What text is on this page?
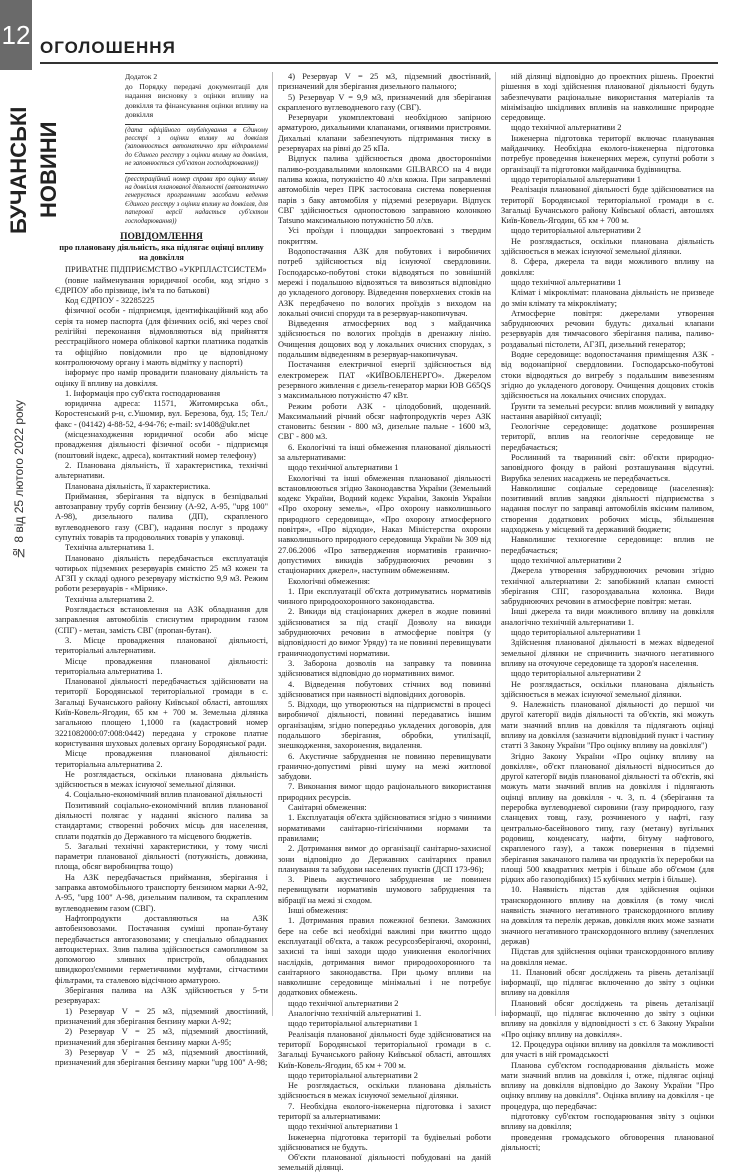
12 ОГОЛОШЕННЯ
БУЧАНСЬКІ НОВИНИ
№ 8 від 25 лютого 2022 року
Додаток 2
до Порядку передачі документації для надання висновку з оцінки впливу на довкілля та фінансування оцінки впливу на довкілля
(дата офіційного опублікування в Єдиному реєстрі з оцінки впливу на довкілля (заповнюється автоматично при відправленні до Єдиного реєстру з оцінки впливу на довкілля, не заповнюється суб'єктом господарювання))
(реєстраційний номер справи про оцінку впливу на довкілля планованої діяльності (автоматично генерується програмними засобами ведення Єдиного реєстру з оцінки впливу на довкілля, для паперової версії надається суб'єктом господарювання))
ПОВІДОМЛЕННЯ
про плановану діяльність, яка підлягає оцінці впливу на довкілля

ПРИВАТНЕ ПІДПРИЄМСТВО «УКРПЛАСТСИСТЕМ»

(повне найменування юридичної особи, код згідно з ЄДРПОУ або прізвище, ім'я та по батькові)

Код ЄДРПОУ - 32285225

фізичної особи - підприємця, ідентифікаційний код або серія та номер паспорта (для фізичних осіб, які через свої релігійні переконання відмовляються від прийняття реєстраційного номера облікової картки платника податків та офіційно повідомили про це відповідному контролюючому органу і мають відмітку у паспорті)

інформує про намір провадити плановану діяльність та оцінку її впливу на довкілля.

1. Інформація про суб'єкта господарювання

юридична адреса: 11571, Житомирська обл., Коростенський р-н, с.Ушомир, вул. Березова, буд. 15; Тел./факс - (04142) 4-88-52, 4-94-76; e-mail: sv1408@ukr.net

(місцезнаходження юридичної особи або місце провадження діяльності фізичної особи - підприємця (поштовий індекс, адреса), контактний номер телефону)

2. Планована діяльність, її характеристика, технічні альтернативи.

Планована діяльність, її характеристика.

Приймання, зберігання та відпуск в безпідвальні автозаправну трубу сортів бензину (А-92, А-95, "upg 100" А-98), дизельного палива (ДП), скрапленого вуглеводневого газу (СВГ), надання послуг з продажу супутніх товарів та продовольчих товарів у упаковці.

Технічна альтернатива 1.

Плановано діяльність передбачається експлуатація чотирьох підземних резервуарів ємністю 25 м3 кожен та АГЗП у складі одного резервуару місткістю 9,9 м3. Режим роботи резервуарів - «Мірник».

Технічна альтернатива 2.

Розглядається встановлення на АЗК обладнання для заправлення автомобілів стиснутим природним газом (СПГ) - метан, замість СВГ (пропан-бутан).

3. Місце провадження планованої діяльності, територіальні альтернативи.

Місце провадження планованої діяльності: територіальна альтернатива 1.

Планованої діяльності передбачається здійснювати на території Бородянської територіальної громади в с. Загальці Бучанського району Київської області, автошлях Київ-Ковель-Ягодин, 65 км + 700 м. Земельна ділянка загальною площею 1,1000 га (кадастровий номер 3221082000:07:008:0442) передана у строкове платне користування шуховых долевых органу Бородянської ради.

Місце провадження планованої діяльності: територіальна альтернатива 2.

Не розглядається, оскільки планована діяльність здійснюється в межах існуючої земельної ділянки.

4. Соціально-економічний вплив планованої діяльності

Позитивний соціально-економічний вплив планованої діяльності полягає у наданні якісного палива за стандартами; створенні робочих місць для населення, сплати податків до Державного та місцевого бюджетів.

5. Загальні технічні характеристики, у тому числі параметри планованої діяльності (потужність, довжина, площа, обсяг виробництва тощо)

На АЗК передбачається приймання, зберігання і заправка автомобільного транспорту бензином марки А-92, А-95, "upg 100" А-98, дизельним паливом, та скрапленим вуглеводневим газом (СВГ).

Нафтопродукти доставляються на АЗК автобензовозами. Постачання суміші пропан-бутану передбачається автогазовозами; у спеціально обладнаних автоцистернах. Злив палива здійснюється самопливом за допомогою зливних пристроїв, обладнаних швидкороз'ємними герметичними муфтами, сітчастими фільтрами, та сталевою відсічною арматурою.

Зберігання палива на АЗК здійснюється у 5-ти резервуарах:

1) Резервуар V = 25 м3, підземний двостінний, призначений для зберігання бензину марки А-92;

2) Резервуар V = 25 м3, підземний двостінний, призначений для зберігання бензину марки А-95;

3) Резервуар V = 25 м3, підземний двостінний, призначений для зберігання бензину марки "upg 100" А-98;

4) Резервуар V = 25 м3, підземний двостінний, призначений для зберігання дизельного пального;

5) Резервуар V = 9,9 м3, призначений для зберігання скрапленого вуглеводневого газу (СВГ).

Резервуари укомплектовані необхідною запірною арматурою, дихальними клапанами, огнявими пристроями. Дихальні клапани забезпечують підтримання тиску в резервуарах на рівні до 25 кПа.

Відпуск палива здійснюється двома двосторонніми паливо-роздавальними колонками GILBARCO на 4 види палива кожна, потужністю 40 л/хв кожна. При заправленні автомобілів через ПРК застосована система повернення парів з баку автомобіля у підземні резервуари. Відпуск СВГ здійснюється однопостовою заправною колонкою Tatsuno максимальною потужністю 50 л/хв.

Усі проїзди і площадки запроектовані з твердим покриттям.

Водопостачання АЗК для побутових і виробничих потреб здійснюється від існуючої свердловини. Господарсько-побутові стоки відводяться по зовнішній мережі і подальшою відвозяться та вивозяться відповідно до укладеного договору. Відведення поверхневих стоків на АЗК передбачено по вологих проїздів з виходом на локальні очисні споруди та в резервуар-накопичувач.

Відведення атмосферних вод з майданчика здійснюється по вологих проїздів в дренажну лінію. Очищення дощових вод у локальних очисних спорудах, з подальшим відведенням в резервуар-накопичувач.

Постачання електричної енергії здійснюється від електромереж ПАТ «КИЇВОБЛЕНЕРГО». Джерелом резервного живлення є дизель-генератор марки ЮВ G65QS з максимальною потужністю 47 кВт.

Режим роботи АЗК - цілодобовий, щоденний. Максимальний річний обсяг нафтопродуктів через АЗК становить: бензин - 800 м3, дизельне пальне - 1600 м3, СВГ - 800 м3.

6. Екологічні та інші обмеження планованої діяльності за альтернативами:

щодо технічної альтернативи 1

Екологічні та інші обмеження планованої діяльності встановлюються згідно Законодавства України (Земельний кодекс України, Водний кодекс України, Законів України «Про охорону земель», «Про охорону навколишнього природного середовища», «Про охорону атмосферного повітря», «Про відходи», Наказ Міністерства охорони навколишнього природного середовища України № 309 від 27.06.2006 «Про затвердження нормативів гранично-допустимих викидів забруднюючих речовин з стаціонарних джерел», наступним обмеженням.

Екологічні обмеження:

1. При експлуатації об'єкта дотримуватись нормативів чинного природоохоронного законодавства.

2. Викиди від стаціонарних джерел в жодне повинні здійснюватися за під стації Дозволу на викиди забруднюючих речовин в атмосферне повітря (у відповідності до вимог Уряду) та не повинні перевищувати граничнодопустимі нормативи.

3. Заборона дозволів на заправку та повинна здійснюватися відповідно до нормативних вимог.

4. Відведення побутових стічних вод повинні здійснюватися при наявності відповідних договорів.

5. Відходи, що утворюються на підприємстві в процесі виробничої діяльності, повинні передаватись іншим організаціям, згідно попередньо укладених договорів, для подальшого зберігання, обробки, утилізації, знешкодження, захоронення, видалення.

6. Акустичне забруднення не повинно перевищувати гранично-допустимі рівні шуму на межі житлової забудови.

7. Виконання вимог щодо раціонального використання природних ресурсів.

Санітарні обмеження:

1. Експлуатація об'єкта здійснюватися згідно з чинними нормативами санітарно-гігієнічними нормами та правилами;

2. Дотримання вимог до організації санітарно-захисної зони відповідно до Державних санітарних правил планування та забудови населених пунктів (ДСП 173-96);

3. Рівень акустичного забруднення не повинен перевищувати нормативів шумового забруднення та вібрації на межі зі сходом.

Інші обмеження:

1. Дотримання правил пожежної безпеки. Заможних бере на себе всі необхідні важливі при вжиттю щодо експлуатації об'єкта, а також ресурсозберігаючі, охоронні, захисні та інші заходи щодо уникнення екологічних наслідків, дотримання вимог природоохоронного та санітарного законодавства. При цьому впливи на навколишнє середовище мінімальні і не потребує додаткових обмежень.

щодо технічної альтернативи 2

Аналогічно технічній альтернативі 1.

щодо територіальної альтернативи 1

Реалізація планованої діяльності буде здійснюватися на території Бородянської територіальної громади в с. Загальці Бучанського району Київської області, автошлях Київ-Ковель-Ягодин, 65 км + 700 м.

щодо територіальної альтернативи 2

Не розглядається, оскільки планована діяльність здійснюється в межах існуючої земельної ділянки.

7. Необхідна еколого-інженерна підготовка і захист території за альтернативами:

щодо технічної альтернативи 1

Інженерна підготовка території та будівельні роботи здійснюватися не будуть.

Об'єкти планованої діяльності побудовані на даній земельній ділянці.

ній ділянці відповідно до проектних рішень. Проектні рішення в ході здійснення планованої діяльності будуть забезпечувати раціональне використання матеріалів та мінімізацію шкідливих впливів на навколишнє природне середовище.

щодо технічної альтернативи 2

Інженерна підготовка території включає планування майданчику. Необхідна еколого-інженерна підготовка потребує проведення інженерних мереж, супутні роботи з організації та підготовки майданчика будівництва.

щодо територіальної альтернативи 1

Реалізація планованої діяльності буде здійснюватися на території Бородянської територіальної громади в с. Загальці Бучанського району Київської області, автошлях Київ-Ковель-Ягодин, 65 км + 700 м.

щодо територіальної альтернативи 2

Не розглядається, оскільки планована діяльність здійснюється в межах існуючої земельної ділянки.

8. Сфера, джерела та види можливого впливу на довкілля:

щодо технічної альтернативи 1

Клімат і мікроклімат: планована діяльність не призведе до змін клімату та мікроклімату;

Атмосферне повітря: джерелами утворення забруднюючих речовин будуть: дихальні клапани резервуарів для тимчасового зберігання палива, паливо-роздавальні пістолети, АГЗП, дизельний генератор;

Водне середовище: водопостачання приміщення АЗК - від водонапірної свердловини. Господарсько-побутові стоки відводяться до вигребу з подальшим вивезенням згідно до укладеного договору. Очищення дощових стоків здійснюється на локальних очисних спорудах.

Ґрунти та земельні ресурси: вплив можливий у випадку настання аварійної ситуації;

Геологічне середовище: додаткове розширення території, вплив на геологічне середовище не передбачається;

Рослинний та тваринний світ: об'єкти природно-заповідного фонду в районі розташування відсутні. Вирубка зелених насаджень не передбачається.

Навколишнє соціальне середовище (населення): позитивний вплив завдяки діяльності підприємства з надання послуг по заправці автомобілів якісним паливом, створення додаткових робочих місць, збільшення надходжень у місцевий та державний бюджети;

Навколишнє техногенне середовище: вплив не передбачається;

щодо технічної альтернативи 2

Джерела утворення забруднюючих речовин згідно технічної альтернативи 2: запобіжний клапан ємності зберігання СПГ, газороздавальна колонка. Види забруднюючих речовин в атмосферне повітря: метан.

Інші джерела та види можливого впливу на довкілля аналогічно технічній альтернативи 1.

щодо територіальної альтернативи 1

Здійснення планованої діяльності в межах відведеної земельної ділянки не спричинить значного негативного впливу на оточуюче середовище та здоров'я населення.

щодо територіальної альтернативи 2

Не розглядається, оскільки планована діяльність здійснюється в межах існуючої земельної ділянки.

9. Належність планованої діяльності до першої чи другої категорії видів діяльності та об'єктів, які можуть мати значний вплив на довкілля та підлягають оцінці впливу на довкілля (зазначити відповідний пункт і частину статті 3 Закону України "Про оцінку впливу на довкілля")

Згідно Закону України «Про оцінку впливу на довкілля», об'єкт планованої діяльності відноситься до другої категорії видів планованої діяльності та об'єктів, які можуть мати значний вплив на довкілля і підлягають оцінці впливу на довкілля - ч. 3, п. 4 (зберігання та переробка вуглеводневої сировини (газу природного, газу сланцевих товщ, газу, розчиненого у нафті, газу центрально-басейнового типу, газу (метану) вугільних родовищ, конденсату, нафти, бітуму нафтового, скрапленого газу), а також повернення в підземні зберігання закачаного палива чи продуктів їх переробки на площі 500 квадратних метрів і більше або об'ємом (для рідких або газоподібних) 15 кубічних метрів і більше).

10. Наявність підстав для здійснення оцінки транскордонного впливу на довкілля (в тому числі наявність значного негативного транскордонного впливу на довкілля та перелік держав, довкілля яких може зазнати значного негативного транскордонного впливу (зачеплених держав)

Підстав для здійснення оцінки транскордонного впливу на довкілля немає.

11. Плановий обсяг досліджень та рівень деталізації інформації, що підлягає включенню до звіту з оцінки впливу на довкілля

Плановий обсяг досліджень та рівень деталізації інформації, що підлягає включенню до звіту з оцінки впливу на довкілля у відповідності з ст. 6 Закону України «Про оцінку впливу на довкілля».

12. Процедура оцінки впливу на довкілля та можливості для участі в ній громадськості

Планова суб'єктом господарювання діяльність може мати значний вплив на довкілля і, отже, підлягає оцінці впливу на довкілля відповідно до Закону України "Про оцінку впливу на довкілля". Оцінка впливу на довкілля - це процедура, що передбачає:

підготовку суб'єктом господарювання звіту з оцінки впливу на довкілля;

проведення громадського обговорення планованої діяльності;
